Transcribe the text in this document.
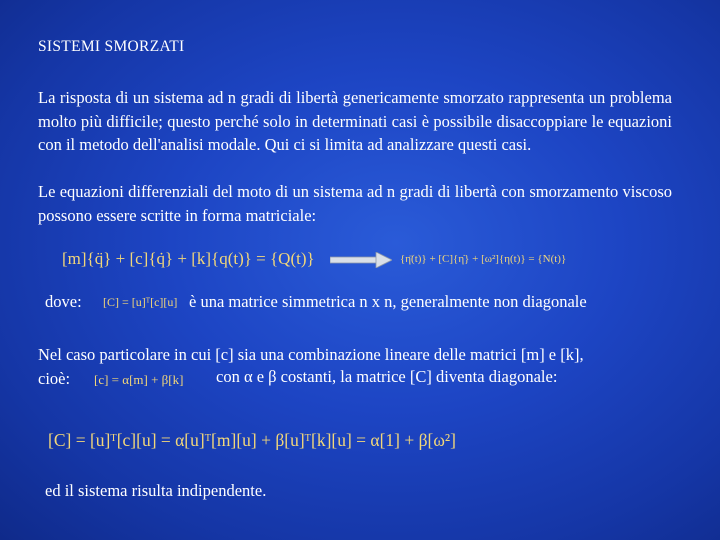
SISTEMI SMORZATI
La risposta di un sistema ad n gradi di libertà genericamente smorzato rappresenta un problema molto più difficile; questo perché solo in determinati casi è possibile disaccoppiare le equazioni con il metodo dell'analisi modale. Qui ci si limita ad analizzare questi casi.
Le equazioni differenziali del moto di un sistema ad n gradi di libertà con smorzamento viscoso possono essere scritte in forma matriciale:
[m]{q̈} + [c]{q̇} + [k]{q(t)} = {Q(t)}	{η̈(t)} + [C]{η̇} + [ω²]{η(t)} = {N(t)}
dove: [C] = [u]ᵀ[c][u] è una matrice simmetrica n x n, generalmente non diagonale
Nel caso particolare in cui [c] sia una combinazione lineare delle matrici [m] e [k],
cioè:	[c] = α[m] + β[k] con α e β costanti, la matrice [C] diventa diagonale:
[C] = [u]ᵀ[c][u] = α[u]ᵀ[m][u] + β[u]ᵀ[k][u] = α[1] + β[ω²]
ed il sistema risulta indipendente.
